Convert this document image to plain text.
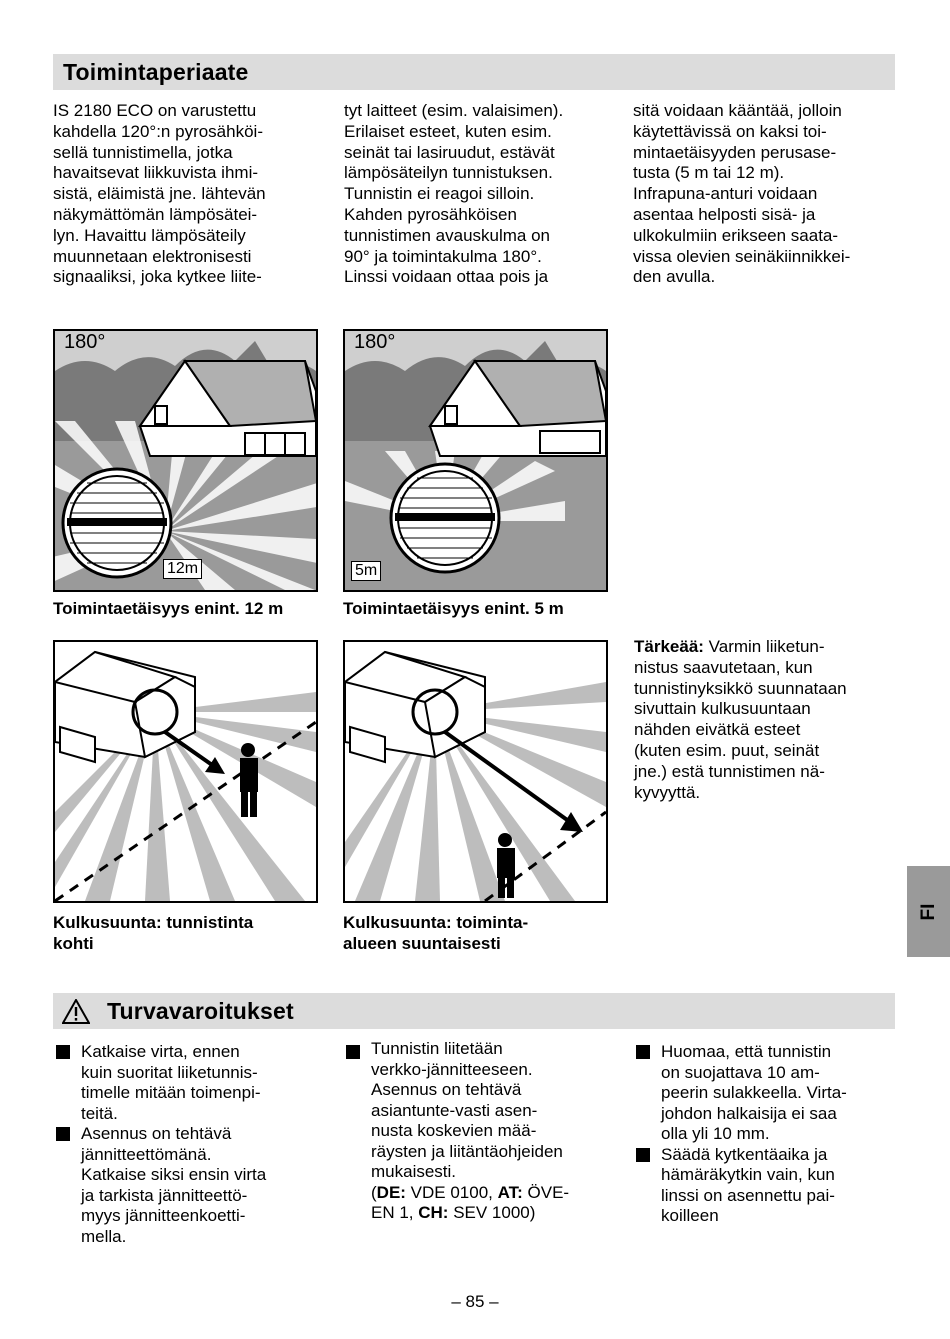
Toimintaperiaate
IS 2180 ECO on varustettu
kahdella 120°:n pyrosähköi-
sellä tunnistimella, jotka
havaitsevat liikkuvista ihmi-
sistä, eläimistä jne. lähtevän
näkymättömän lämpösätei-
lyn. Havaittu lämpösäteily
muunnetaan elektronisesti
signaaliksi, joka kytkee liite-
tyt laitteet (esim. valaisimen).
Erilaiset esteet, kuten esim.
seinät tai lasiruudut, estävät
lämpösäteilyn tunnistuksen.
Tunnistin ei reagoi silloin.
Kahden pyrosähköisen
tunnistimen avauskulma on
90° ja toimintakulma 180°.
Linssi voidaan ottaa pois ja
sitä voidaan kääntää, jolloin
käytettävissä on kaksi toi-
mintaetäisyyden perusase-
tusta (5 m tai 12 m).
Infrapuna-anturi voidaan
asentaa helposti sisä- ja
ulkokulmiin erikseen saata-
vissa olevien seinäkiinnikkei-
den avulla.
180°
12m
Toimintaetäisyys enint. 12 m
180°
5m
Toimintaetäisyys enint. 5 m
Kulkusuunta: tunnistinta
kohti
Kulkusuunta: toiminta-
alueen suuntaisesti
Tärkeää: Varmin liiketun-
nistus saavutetaan, kun
tunnistinyksikkö suunnataan
sivuttain kulkusuuntaan
nähden eivätkä esteet
(kuten esim. puut, seinät
jne.) estä tunnistimen nä-
kyvyyttä.
FI
Turvavaroitukset
Katkaise virta, ennen
kuin suoritat liiketunnis-
timelle mitään toimenpi-
teitä.
Asennus on tehtävä
jännitteettömänä.
Katkaise siksi ensin virta
ja tarkista jännitteettö-
myys jännitteenkoetti-
mella.
Tunnistin liitetään
verkko-jännitteeseen.
Asennus on tehtävä
asiantunte-vasti asen-
nusta koskevien mää-
räysten ja liitäntäohjeiden
mukaisesti.
(DE: VDE 0100, AT: ÖVE-
EN 1, CH: SEV 1000)
Huomaa, että tunnistin
on suojattava 10 am-
peerin sulakkeella. Virta-
johdon halkaisija ei saa
olla yli 10 mm.
Säädä kytkentäaika ja
hämäräkytkin vain, kun
linssi on asennettu pai-
koilleen
– 85 –
